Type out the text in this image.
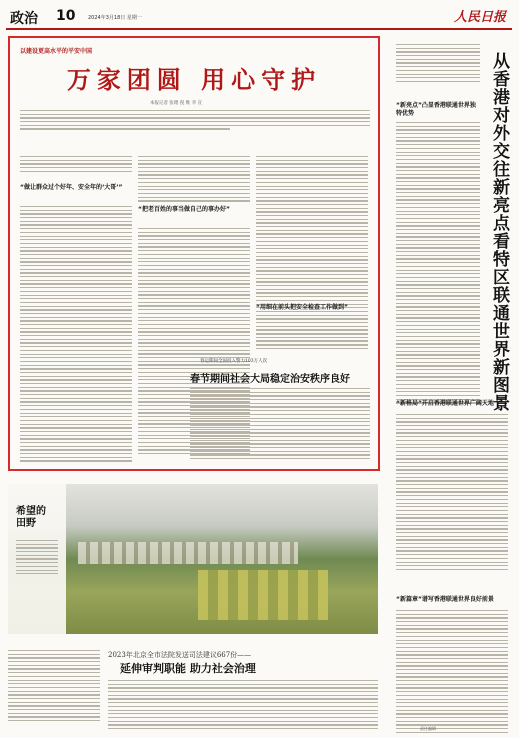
政治 10	2024年3月18日 星期一	人民日报
以建设更高水平的平安中国
万家团圆 用心守护
本报记者 张璁 倪 维 李 宣
“做让群众过个好年、安全年的‘大哥’”
“把老百姓的事当做自己的事办好”
“用细在前头把安全检查工作做到”
春运期间全国投入警力103万人次
春节期间社会大局稳定治安秩序良好	从香港对外交往新亮点看特区联通世界新图景
“新亮点”凸显香港联通世界独特优势
“新格局”开启香港联通世界广阔天地
“新篇章”谱写香港联通世界良好前景
希望的田野
2023年北京全市法院发送司法建议667份——
延伸审判职能 助力社会治理
责任编辑
